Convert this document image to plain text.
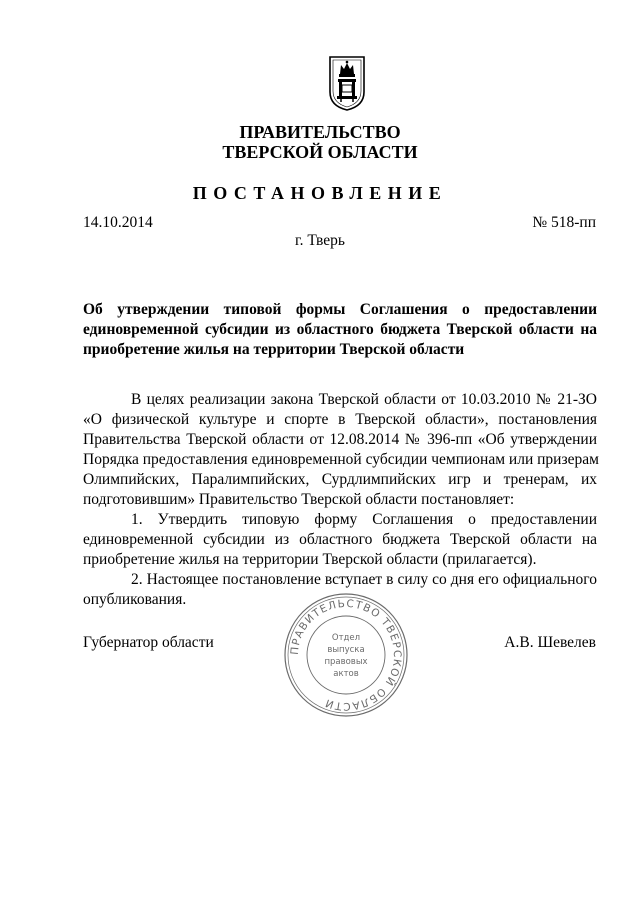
ПРАВИТЕЛЬСТВО
ТВЕРСКОЙ ОБЛАСТИ
ПОСТАНОВЛЕНИЕ
14.10.2014	№ 518-пп
г. Тверь
Об утверждении типовой формы Соглашения о предоставлении
единовременной субсидии из областного бюджета Тверской области на
приобретение жилья на территории Тверской области
В целях реализации закона Тверской области от 10.03.2010 № 21-ЗО
«О физической культуре и спорте в Тверской области», постановления
Правительства Тверской области от 12.08.2014 № 396-пп «Об утверждении
Порядка предоставления единовременной субсидии чемпионам или призерам
Олимпийских, Паралимпийских, Сурдлимпийских игр и тренерам, их
подготовившим» Правительство Тверской области постановляет:
1. Утвердить типовую форму Соглашения о предоставлении
единовременной субсидии из областного бюджета Тверской области на
приобретение жилья на территории Тверской области (прилагается).
2. Настоящее постановление вступает в силу со дня его официального
опубликования.
ПРАВИТЕЛЬСТВО ТВЕРСКОЙ ОБЛАСТИ
Отдел
выпуска
правовых
актов
Губернатор области	А.В. Шевелев
